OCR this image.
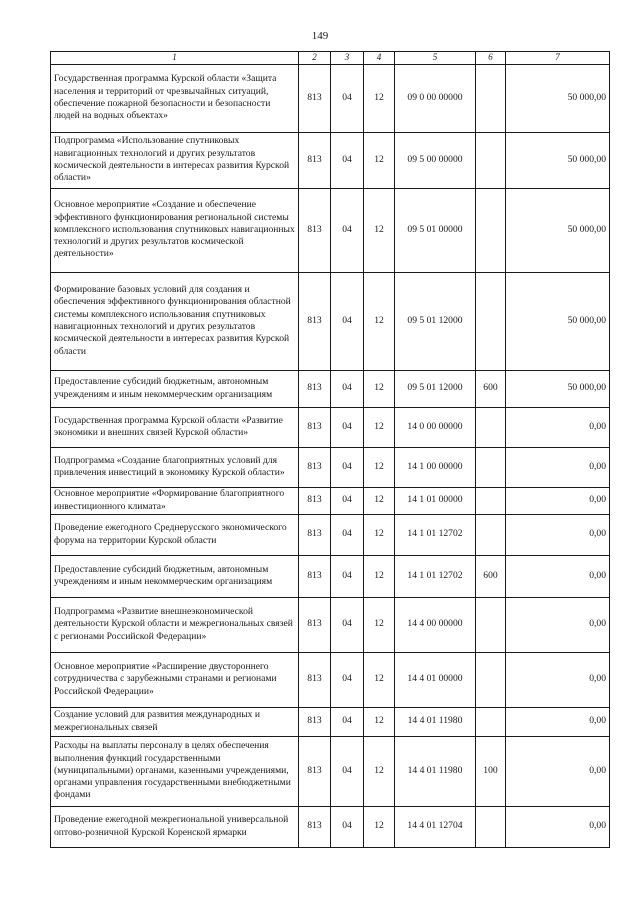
149
1	2	3	4	5	6	7
Государственная программа Курской области «Защита населения и территорий от чрезвычайных ситуаций, обеспечение пожарной безопасности и безопасности людей на водных объектах»	813	04	12	09 0 00 00000		50 000,00
Подпрограмма «Использование спутниковых навигационных технологий и других результатов космической деятельности в интересах развития Курской области»	813	04	12	09 5 00 00000		50 000,00
Основное мероприятие «Создание и обеспечение эффективного функционирования региональной системы комплексного использования спутниковых навигационных технологий и других результатов космической деятельности»	813	04	12	09 5 01 00000		50 000,00
Формирование базовых условий для создания и обеспечения эффективного функционирования областной системы комплексного использования спутниковых навигационных технологий и других результатов космической деятельности в интересах развития Курской области	813	04	12	09 5 01 12000		50 000,00
Предоставление субсидий бюджетным, автономным учреждениям и иным некоммерческим организациям	813	04	12	09 5 01 12000	600	50 000,00
Государственная программа Курской области «Развитие экономики и внешних связей Курской области»	813	04	12	14 0 00 00000		0,00
Подпрограмма «Создание благоприятных условий для привлечения инвестиций в экономику Курской области»	813	04	12	14 1 00 00000		0,00
Основное мероприятие «Формирование благоприятного инвестиционного климата»	813	04	12	14 1 01 00000		0,00
Проведение ежегодного Среднерусского экономического форума на территории Курской области	813	04	12	14 1 01 12702		0,00
Предоставление субсидий бюджетным, автономным учреждениям и иным некоммерческим организациям	813	04	12	14 1 01 12702	600	0,00
Подпрограмма «Развитие внешнеэкономической деятельности Курской области и межрегиональных связей с регионами Российской Федерации»	813	04	12	14 4 00 00000		0,00
Основное мероприятие «Расширение двустороннего сотрудничества с зарубежными странами и регионами Российской Федерации»	813	04	12	14 4 01 00000		0,00
Создание условий для развития международных и межрегиональных связей	813	04	12	14 4 01 11980		0,00
Расходы на выплаты персоналу в целях обеспечения выполнения функций государственными (муниципальными) органами, казенными учреждениями, органами управления государственными внебюджетными фондами	813	04	12	14 4 01 11980	100	0,00
Проведение ежегодной межрегиональной универсальной оптово-розничной Курской Коренской ярмарки	813	04	12	14 4 01 12704		0,00
